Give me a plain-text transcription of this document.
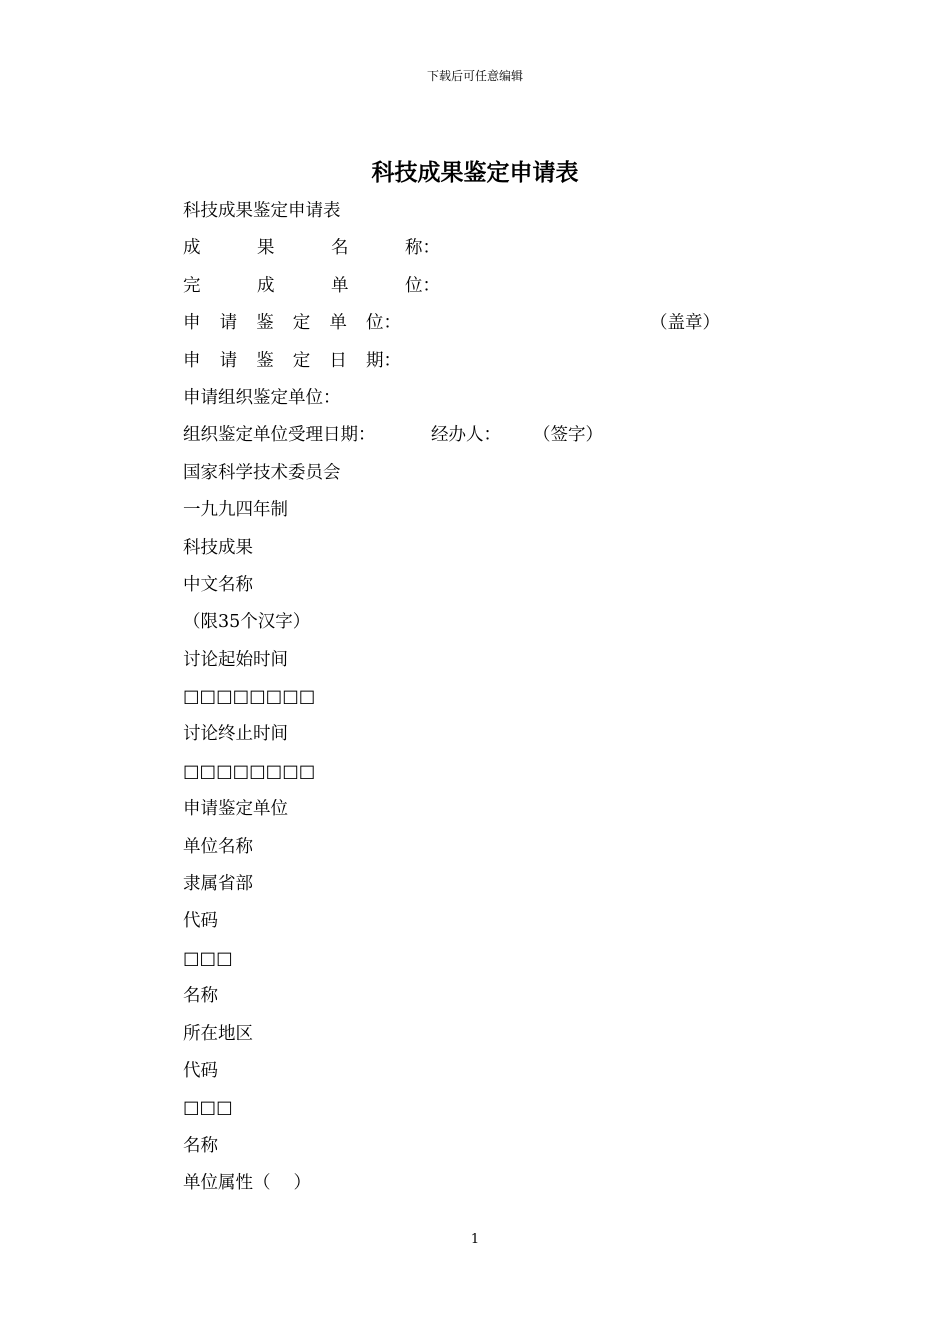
下载后可任意编辑
科技成果鉴定申请表
科技成果鉴定申请表
成	果	名	称：
完	成	单	位：
申 请 鉴 定 单 位：	（盖章）
申 请 鉴 定 日 期：
申请组织鉴定单位：
组织鉴定单位受理日期：	经办人： （签字）
国家科学技术委员会
一九九四年制
科技成果
中文名称
（限35个汉字）
讨论起始时间
□□□□□□□□
讨论终止时间
□□□□□□□□
申请鉴定单位
单位名称
隶属省部
代码
□□□
名称
所在地区
代码
□□□
名称
单位属性（　 ）
1
